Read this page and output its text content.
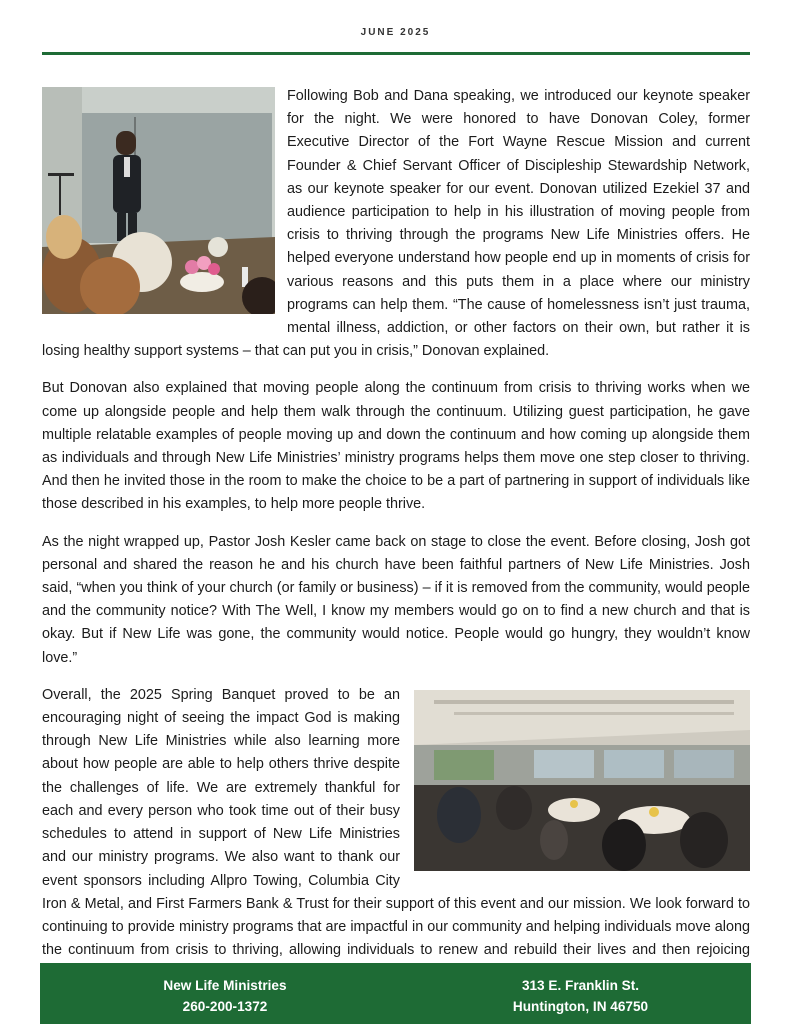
JUNE 2025

Following Bob and Dana speaking, we introduced our keynote speaker for the night. We were honored to have Donovan Coley, former Executive Director of the Fort Wayne Rescue Mission and current Founder & Chief Servant Officer of Discipleship Stewardship Network, as our keynote speaker for our event. Donovan utilized Ezekiel 37 and audience participation to help in his illustration of moving people from crisis to thriving through the programs New Life Ministries offers. He helped everyone understand how people end up in moments of crisis for various reasons and this puts them in a place where our ministry programs can help them. “The cause of homelessness isn’t just trauma, mental illness, addiction, or other factors on their own, but rather it is losing healthy support systems – that can put you in crisis,” Donovan explained.

But Donovan also explained that moving people along the continuum from crisis to thriving works when we come up alongside people and help them walk through the continuum. Utilizing guest participation, he gave multiple relatable examples of people moving up and down the continuum and how coming up alongside them as individuals and through New Life Ministries’ ministry programs helps them move one step closer to thriving. And then he invited those in the room to make the choice to be a part of partnering in support of individuals like those described in his examples, to help more people thrive.

As the night wrapped up, Pastor Josh Kesler came back on stage to close the event. Before closing, Josh got personal and shared the reason he and his church have been faithful partners of New Life Ministries. Josh said, “when you think of your church (or family or business) – if it is removed from the community, would people and the community notice? With The Well, I know my members would go on to find a new church and that is okay. But if New Life was gone, the community would notice. People would go hungry, they wouldn’t know love.”

Overall, the 2025 Spring Banquet proved to be an encouraging night of seeing the impact God is making through New Life Ministries while also learning more about how people are able to help others thrive despite the challenges of life. We are extremely thankful for each and every person who took time out of their busy schedules to attend in support of New Life Ministries and our ministry programs. We also want to thank our event sponsors including Allpro Towing, Columbia City Iron & Metal, and First Farmers Bank & Trust for their support of this event and our mission. We look forward to continuing to provide ministry programs that are impactful in our community and helping individuals move along the continuum from crisis to thriving, allowing individuals to renew and rebuild their lives and then rejoicing

New Life Ministries
260-200-1372
313 E. Franklin St.
Huntington, IN 46750
